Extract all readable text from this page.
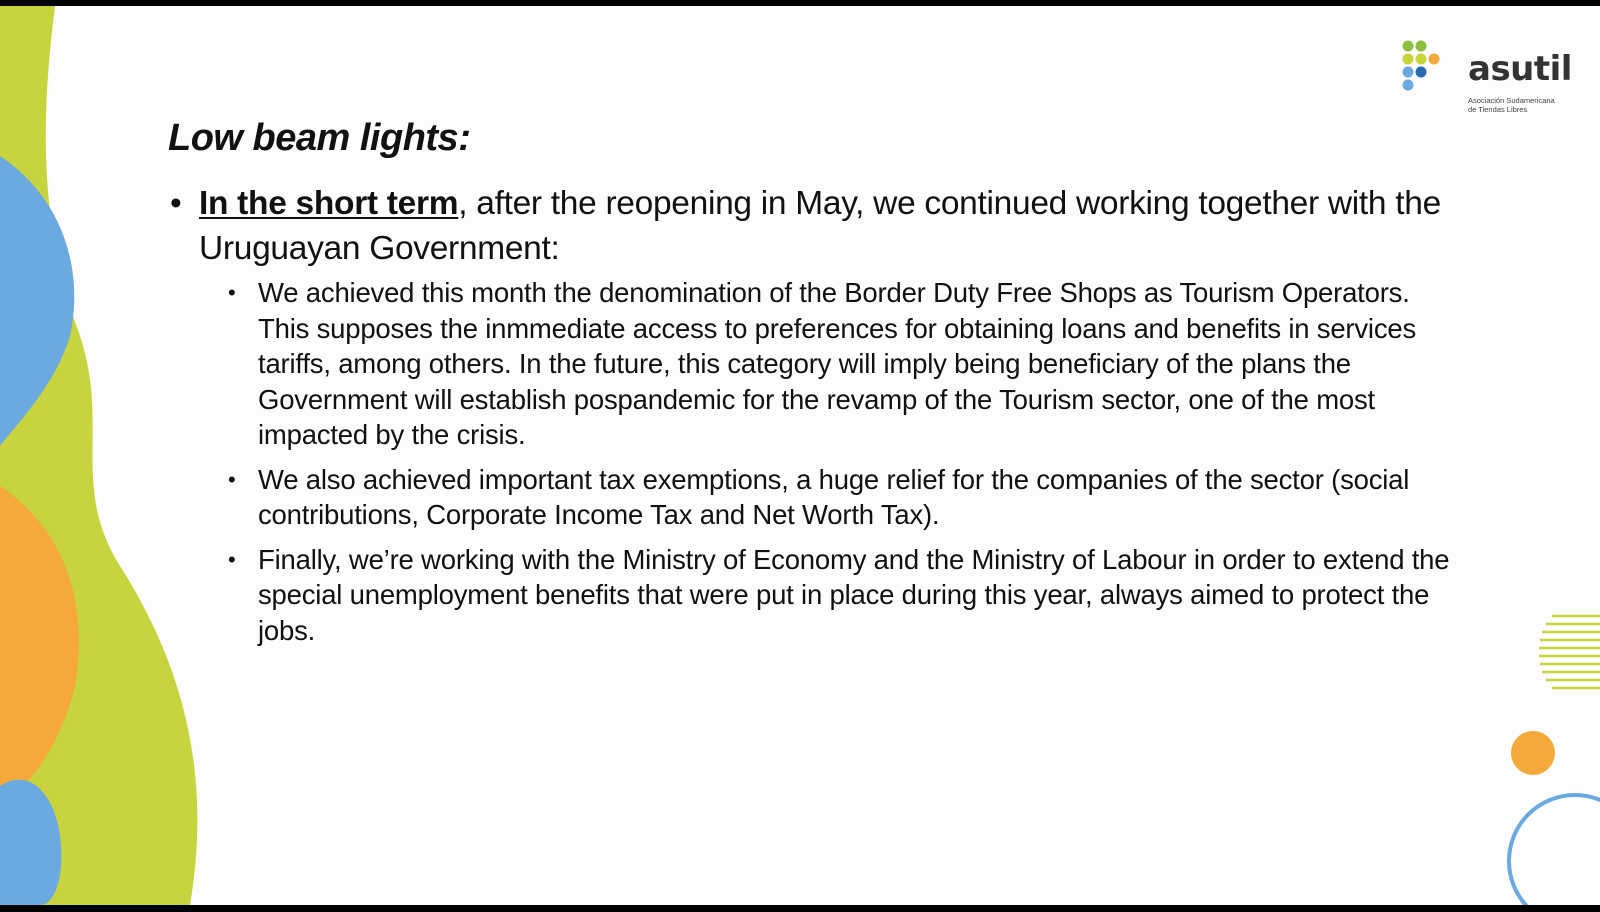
asutil
Asociación Sudamericana
de Tiendas Libres
Low beam lights:
• In the short term, after the reopening in May, we continued working together with the Uruguayan Government:
• We achieved this month the denomination of the Border Duty Free Shops as Tourism Operators. This supposes the inmmediate access to preferences for obtaining loans and benefits in services tariffs, among others. In the future, this category will imply being beneficiary of the plans the Government will establish pospandemic for the revamp of the Tourism sector, one of the most impacted by the crisis.
• We also achieved important tax exemptions, a huge relief for the companies of the sector (social contributions, Corporate Income Tax and Net Worth Tax).
• Finally, we’re working with the Ministry of Economy and the Ministry of Labour in order to extend the special unemployment benefits that were put in place during this year, always aimed to protect the jobs.
